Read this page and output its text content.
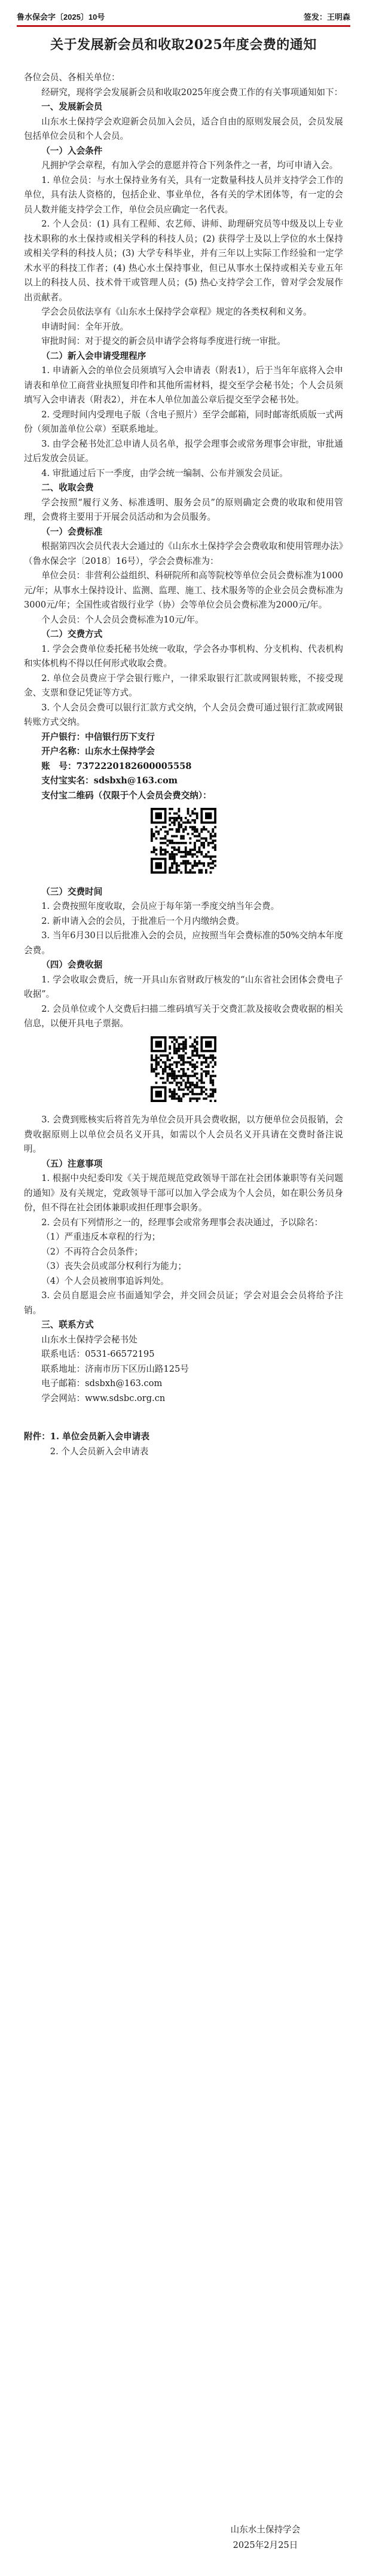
鲁水保会字〔2025〕10号	签发：王明森
关于发展新会员和收取2025年度会费的通知

各位会员、各相关单位：

经研究，现将学会发展新会员和收取2025年度会费工作的有关事项通知如下：

一、发展新会员

山东水土保持学会欢迎新会员加入会员，适合自由的原则发展会员，会员发展包括单位会员和个人会员。

（一）入会条件

凡拥护学会章程，有加入学会的意愿并符合下列条件之一者，均可申请入会。

1. 单位会员：与水土保持业务有关，具有一定数量科技人员并支持学会工作的单位，具有法人资格的，包括企业、事业单位，各有关的学术团体等，有一定的会员人数并能支持学会工作，单位会员应确定一名代表。

2. 个人会员：(1) 具有工程师、农艺师、讲师、助理研究员等中级及以上专业技术职称的水土保持或相关学科的科技人员；(2) 获得学士及以上学位的水土保持或相关学科的科技人员；(3) 大学专科毕业，并有三年以上实际工作经验和一定学术水平的科技工作者；(4) 热心水土保持事业，但已从事水土保持或相关专业五年以上的科技人员、技术骨干或管理人员；(5) 热心支持学会工作，曾对学会发展作出贡献者。

学会会员依法享有《山东水土保持学会章程》规定的各类权利和义务。

申请时间：全年开放。

审批时间：对于提交的新会员申请学会将每季度进行统一审批。

（二）新入会申请受理程序

1. 申请新入会的单位会员须填写入会申请表（附表1），后于当年年底将入会申请表和单位工商营业执照复印件和其他所需材料，提交至学会秘书处；个人会员须填写入会申请表（附表2），并在本人单位加盖公章后提交至学会秘书处。

2. 受理时间内受理电子版（含电子照片）至学会邮箱，同时邮寄纸质版一式两份（须加盖单位公章）至联系地址。

3. 由学会秘书处汇总申请人员名单，报学会理事会或常务理事会审批，审批通过后发放会员证。

4. 审批通过后下一季度，由学会统一编制、公布并颁发会员证。

二、收取会费

学会按照“履行义务、标准透明、服务会员”的原则确定会费的收取和使用管理，会费将主要用于开展会员活动和为会员服务。

（一）会费标准

根据第四次会员代表大会通过的《山东水土保持学会会费收取和使用管理办法》（鲁水保会字〔2018〕16号），学会会费标准为：

单位会员：非营利公益组织、科研院所和高等院校等单位会员会费标准为1000元/年；从事水土保持设计、监测、监理、施工、技术服务等的企业会员会费标准为3000元/年；全国性或省级行业学（协）会等单位会员会费标准为2000元/年。

个人会员：个人会员会费标准为10元/年。

（二）交费方式

1. 学会会费单位委托秘书处统一收取，学会各办事机构、分支机构、代表机构和实体机构不得以任何形式收取会费。

2. 单位会员费应于学会银行账户，一律采取银行汇款或网银转账，不接受现金、支票和登记凭证等方式。

3. 个人会员会费可以银行汇款方式交纳，个人会员会费可通过银行汇款或网银转账方式交纳。

开户银行：中信银行历下支行

开户名称：山东水土保持学会

账　号：7372220182600005558

支付宝实名：sdsbxh@163.com

支付宝二维码（仅限于个人会员会费交纳）：

（三）交费时间

1. 会费按照年度收取，会员应于每年第一季度交纳当年会费。

2. 新申请入会的会员，于批准后一个月内缴纳会费。

3. 当年6月30日以后批准入会的会员，应按照当年会费标准的50%交纳本年度会费。

（四）会费收据

1. 学会收取会费后，统一开具山东省财政厅核发的“山东省社会团体会费电子收据”。

2. 会员单位或个人交费后扫描二维码填写关于交费汇款及接收会费收据的相关信息，以便开具电子票据。

3. 会费到账核实后将首先为单位会员开具会费收据，以方便单位会员报销，会费收据原则上以单位会员名义开具，如需以个人会员名义开具请在交费时备注说明。

（五）注意事项

1. 根据中央纪委印发《关于规范规范党政领导干部在社会团体兼职等有关问题的通知》及有关规定，党政领导干部可以加入学会成为个人会员，如在职公务员身份，但不得在社会团体兼职或担任理事会职务。

2. 会员有下列情形之一的，经理事会或常务理事会表决通过，予以除名：

（1）严重违反本章程的行为；

（2）不再符合会员条件；

（3）丧失会员或部分权利行为能力；

（4）个人会员被刑事追诉判处。

3. 会员自愿退会应书面通知学会，并交回会员证；学会对退会会员将给予注销。

三、联系方式

山东水土保持学会秘书处

联系电话：0531-66572195

联系地址：济南市历下区历山路125号

电子邮箱：sdsbxh@163.com

学会网站：www.sdsbc.org.cn

附件：1. 单位会员新入会申请表

2. 个人会员新入会申请表

山东水土保持学会
2025年2月25日
